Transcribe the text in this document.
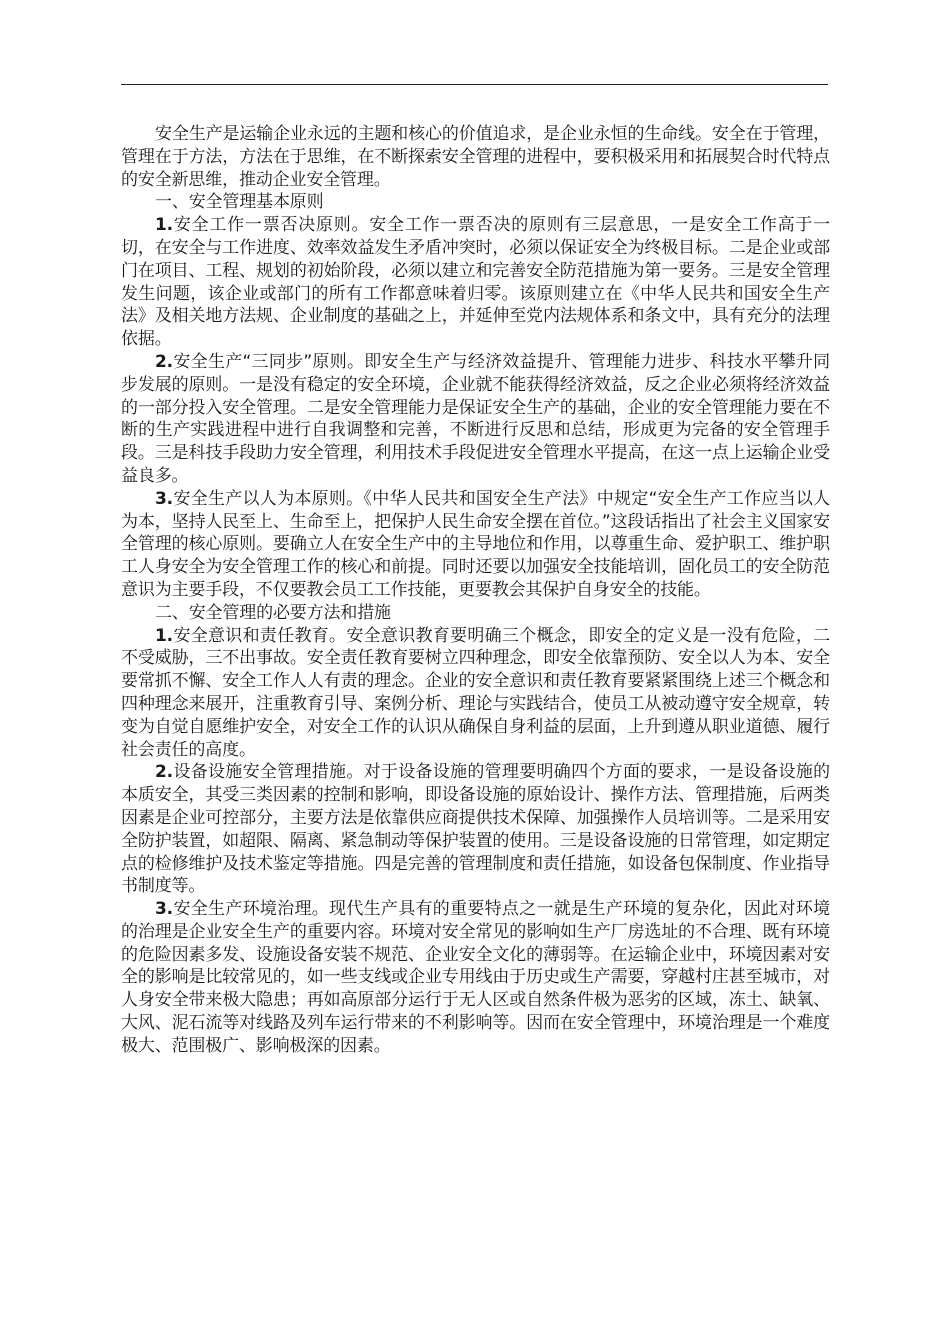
安全生产是运输企业永远的主题和核心的价值追求，是企业永恒的生命线。安全在于管理，管理在于方法，方法在于思维，在不断探索安全管理的进程中，要积极采用和拓展契合时代特点的安全新思维，推动企业安全管理。

一、安全管理基本原则

1.安全工作一票否决原则。安全工作一票否决的原则有三层意思，一是安全工作高于一切，在安全与工作进度、效率效益发生矛盾冲突时，必须以保证安全为终极目标。二是企业或部门在项目、工程、规划的初始阶段，必须以建立和完善安全防范措施为第一要务。三是安全管理发生问题，该企业或部门的所有工作都意味着归零。该原则建立在《中华人民共和国安全生产法》及相关地方法规、企业制度的基础之上，并延伸至党内法规体系和条文中，具有充分的法理依据。

2.安全生产“三同步”原则。即安全生产与经济效益提升、管理能力进步、科技水平攀升同步发展的原则。一是没有稳定的安全环境，企业就不能获得经济效益，反之企业必须将经济效益的一部分投入安全管理。二是安全管理能力是保证安全生产的基础，企业的安全管理能力要在不断的生产实践进程中进行自我调整和完善，不断进行反思和总结，形成更为完备的安全管理手段。三是科技手段助力安全管理，利用技术手段促进安全管理水平提高，在这一点上运输企业受益良多。

3.安全生产以人为本原则。《中华人民共和国安全生产法》中规定“安全生产工作应当以人为本，坚持人民至上、生命至上，把保护人民生命安全摆在首位。”这段话指出了社会主义国家安全管理的核心原则。要确立人在安全生产中的主导地位和作用，以尊重生命、爱护职工、维护职工人身安全为安全管理工作的核心和前提。同时还要以加强安全技能培训，固化员工的安全防范意识为主要手段，不仅要教会员工工作技能，更要教会其保护自身安全的技能。

二、安全管理的必要方法和措施

1.安全意识和责任教育。安全意识教育要明确三个概念，即安全的定义是一没有危险，二不受威胁，三不出事故。安全责任教育要树立四种理念，即安全依靠预防、安全以人为本、安全要常抓不懈、安全工作人人有责的理念。企业的安全意识和责任教育要紧紧围绕上述三个概念和四种理念来展开，注重教育引导、案例分析、理论与实践结合，使员工从被动遵守安全规章，转变为自觉自愿维护安全，对安全工作的认识从确保自身利益的层面，上升到遵从职业道德、履行社会责任的高度。

2.设备设施安全管理措施。对于设备设施的管理要明确四个方面的要求，一是设备设施的本质安全，其受三类因素的控制和影响，即设备设施的原始设计、操作方法、管理措施，后两类因素是企业可控部分，主要方法是依靠供应商提供技术保障、加强操作人员培训等。二是采用安全防护装置，如超限、隔离、紧急制动等保护装置的使用。三是设备设施的日常管理，如定期定点的检修维护及技术鉴定等措施。四是完善的管理制度和责任措施，如设备包保制度、作业指导书制度等。

3.安全生产环境治理。现代生产具有的重要特点之一就是生产环境的复杂化，因此对环境的治理是企业安全生产的重要内容。环境对安全常见的影响如生产厂房选址的不合理、既有环境的危险因素多发、设施设备安装不规范、企业安全文化的薄弱等。在运输企业中，环境因素对安全的影响是比较常见的，如一些支线或企业专用线由于历史或生产需要，穿越村庄甚至城市，对人身安全带来极大隐患；再如高原部分运行于无人区或自然条件极为恶劣的区域，冻土、缺氧、大风、泥石流等对线路及列车运行带来的不利影响等。因而在安全管理中，环境治理是一个难度极大、范围极广、影响极深的因素。
